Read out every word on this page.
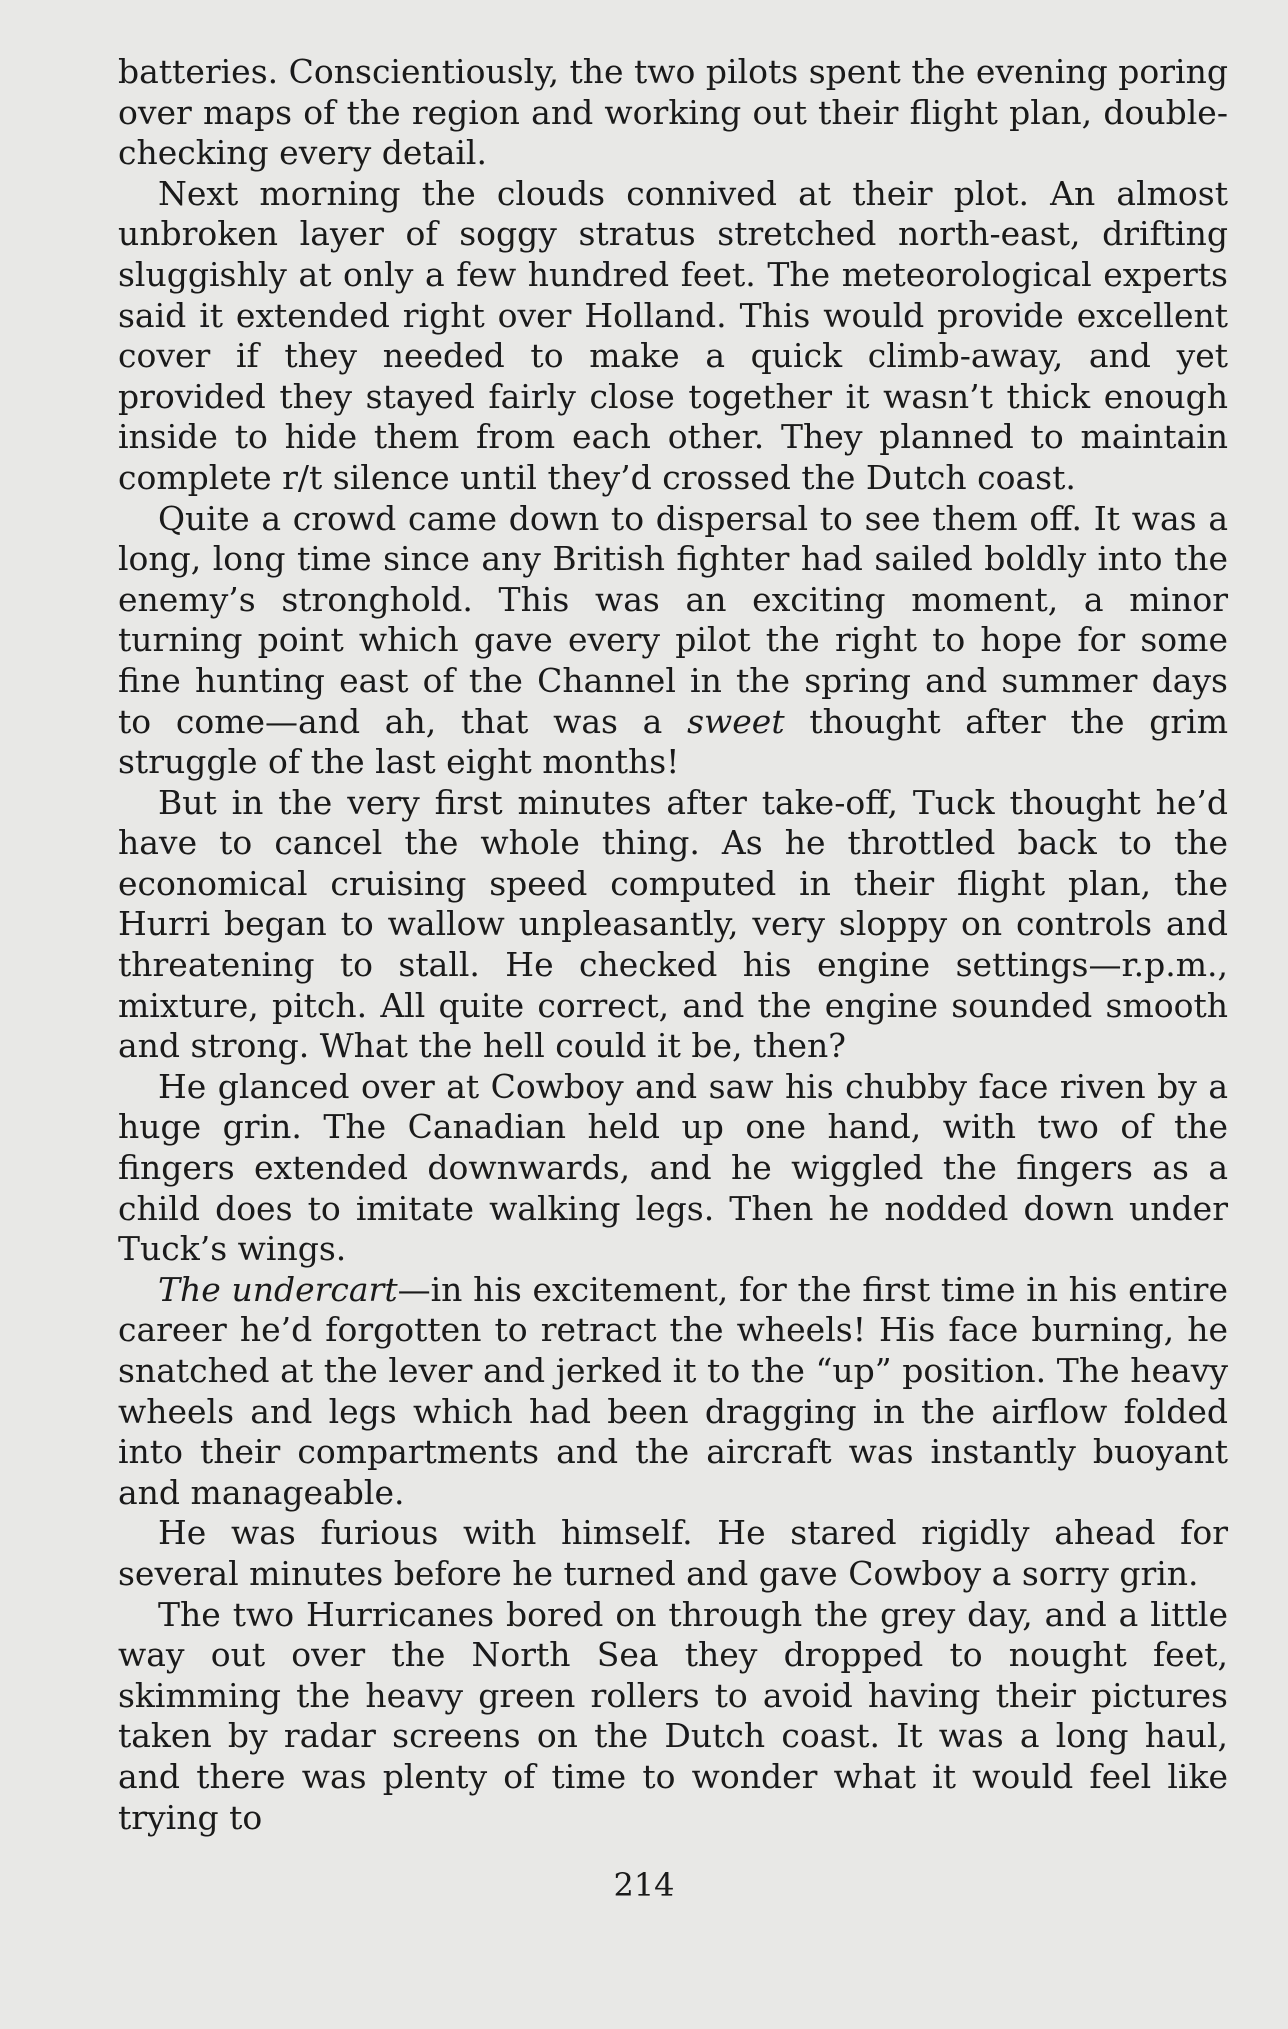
batteries. Conscientiously, the two pilots spent the evening poring over maps of the region and working out their flight plan, double-checking every detail.

Next morning the clouds connived at their plot. An almost unbroken layer of soggy stratus stretched north-east, drifting sluggishly at only a few hundred feet. The meteorological experts said it extended right over Holland. This would provide excellent cover if they needed to make a quick climb-away, and yet provided they stayed fairly close together it wasn’t thick enough inside to hide them from each other. They planned to maintain complete r/t silence until they’d crossed the Dutch coast.

Quite a crowd came down to dispersal to see them off. It was a long, long time since any British fighter had sailed boldly into the enemy’s stronghold. This was an exciting moment, a minor turning point which gave every pilot the right to hope for some fine hunting east of the Channel in the spring and summer days to come—and ah, that was a sweet thought after the grim struggle of the last eight months!

But in the very first minutes after take-off, Tuck thought he’d have to cancel the whole thing. As he throttled back to the economical cruising speed computed in their flight plan, the Hurri began to wallow unpleasantly, very sloppy on controls and threatening to stall. He checked his engine settings—r.p.m., mixture, pitch. All quite correct, and the engine sounded smooth and strong. What the hell could it be, then?

He glanced over at Cowboy and saw his chubby face riven by a huge grin. The Canadian held up one hand, with two of the fingers extended downwards, and he wiggled the fingers as a child does to imitate walking legs. Then he nodded down under Tuck’s wings.

The undercart—in his excitement, for the first time in his entire career he’d forgotten to retract the wheels! His face burning, he snatched at the lever and jerked it to the “up” position. The heavy wheels and legs which had been dragging in the airflow folded into their compartments and the aircraft was instantly buoyant and manageable.

He was furious with himself. He stared rigidly ahead for several minutes before he turned and gave Cowboy a sorry grin.

The two Hurricanes bored on through the grey day, and a little way out over the North Sea they dropped to nought feet, skimming the heavy green rollers to avoid having their pictures taken by radar screens on the Dutch coast. It was a long haul, and there was plenty of time to wonder what it would feel like trying to

214
